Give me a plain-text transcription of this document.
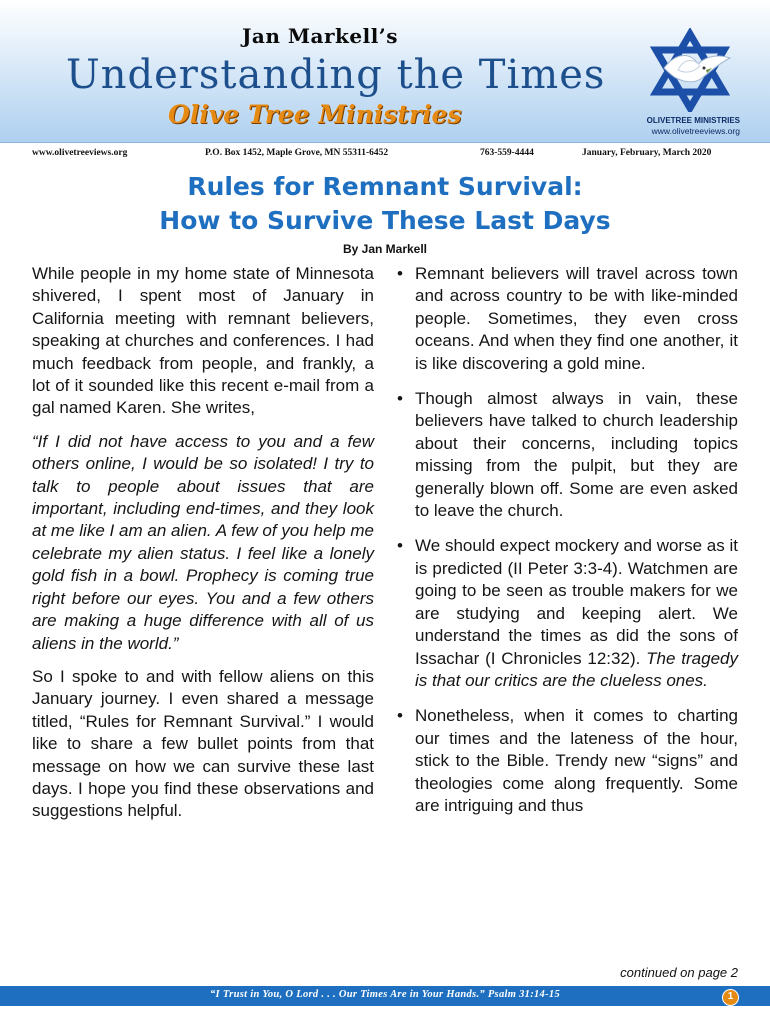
Jan Markell’s
Understanding the Times
Olive Tree Ministries	OLIVETREE MINISTRIES
www.olivetreeviews.org
www.olivetreeviews.org	P.O. Box 1452, Maple Grove, MN 55311-6452	763-559-4444	January, February, March 2020
Rules for Remnant Survival:
How to Survive These Last Days
By Jan Markell

While people in my home state of Minnesota shivered, I spent most of January in California meeting with remnant believers, speaking at churches and conferences. I had much feedback from people, and frankly, a lot of it sounded like this recent e-mail from a gal named Karen. She writes,

“If I did not have access to you and a few others online, I would be so isolated! I try to talk to people about issues that are important, including end-times, and they look at me like I am an alien. A few of you help me celebrate my alien status. I feel like a lonely gold fish in a bowl. Prophecy is coming true right before our eyes. You and a few others are making a huge difference with all of us aliens in the world.”

So I spoke to and with fellow aliens on this January journey. I even shared a message titled, “Rules for Remnant Survival.” I would like to share a few bullet points from that message on how we can survive these last days. I hope you find these observations and suggestions helpful.

• Remnant believers will travel across town and across country to be with like-minded people. Sometimes, they even cross oceans. And when they find one another, it is like discovering a gold mine.
• Though almost always in vain, these believers have talked to church leadership about their concerns, including topics missing from the pulpit, but they are generally blown off. Some are even asked to leave the church.
• We should expect mockery and worse as it is predicted (II Peter 3:3-4). Watchmen are going to be seen as trouble makers for we are studying and keeping alert. We understand the times as did the sons of Issachar (I Chronicles 12:32). The tragedy is that our critics are the clueless ones.
• Nonetheless, when it comes to charting our times and the lateness of the hour, stick to the Bible. Trendy new “signs” and theologies come along frequently. Some are intriguing and thus
continued on page 2
“I Trust in You, O Lord . . . Our Times Are in Your Hands.” Psalm 31:14-15	1
